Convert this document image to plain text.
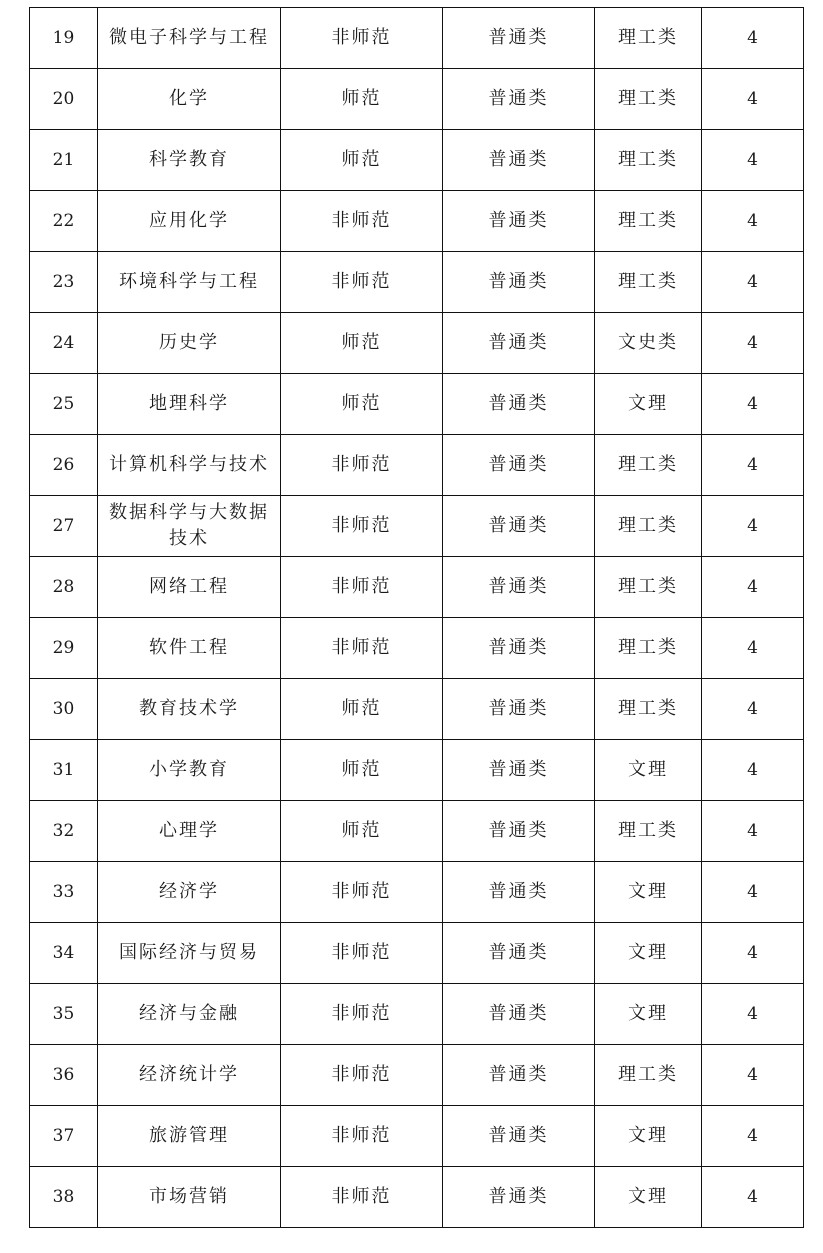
19	微电子科学与工程	非师范	普通类	理工类	4
20	化学	师范	普通类	理工类	4
21	科学教育	师范	普通类	理工类	4
22	应用化学	非师范	普通类	理工类	4
23	环境科学与工程	非师范	普通类	理工类	4
24	历史学	师范	普通类	文史类	4
25	地理科学	师范	普通类	文理	4
26	计算机科学与技术	非师范	普通类	理工类	4
27	数据科学与大数据技术	非师范	普通类	理工类	4
28	网络工程	非师范	普通类	理工类	4
29	软件工程	非师范	普通类	理工类	4
30	教育技术学	师范	普通类	理工类	4
31	小学教育	师范	普通类	文理	4
32	心理学	师范	普通类	理工类	4
33	经济学	非师范	普通类	文理	4
34	国际经济与贸易	非师范	普通类	文理	4
35	经济与金融	非师范	普通类	文理	4
36	经济统计学	非师范	普通类	理工类	4
37	旅游管理	非师范	普通类	文理	4
38	市场营销	非师范	普通类	文理	4
